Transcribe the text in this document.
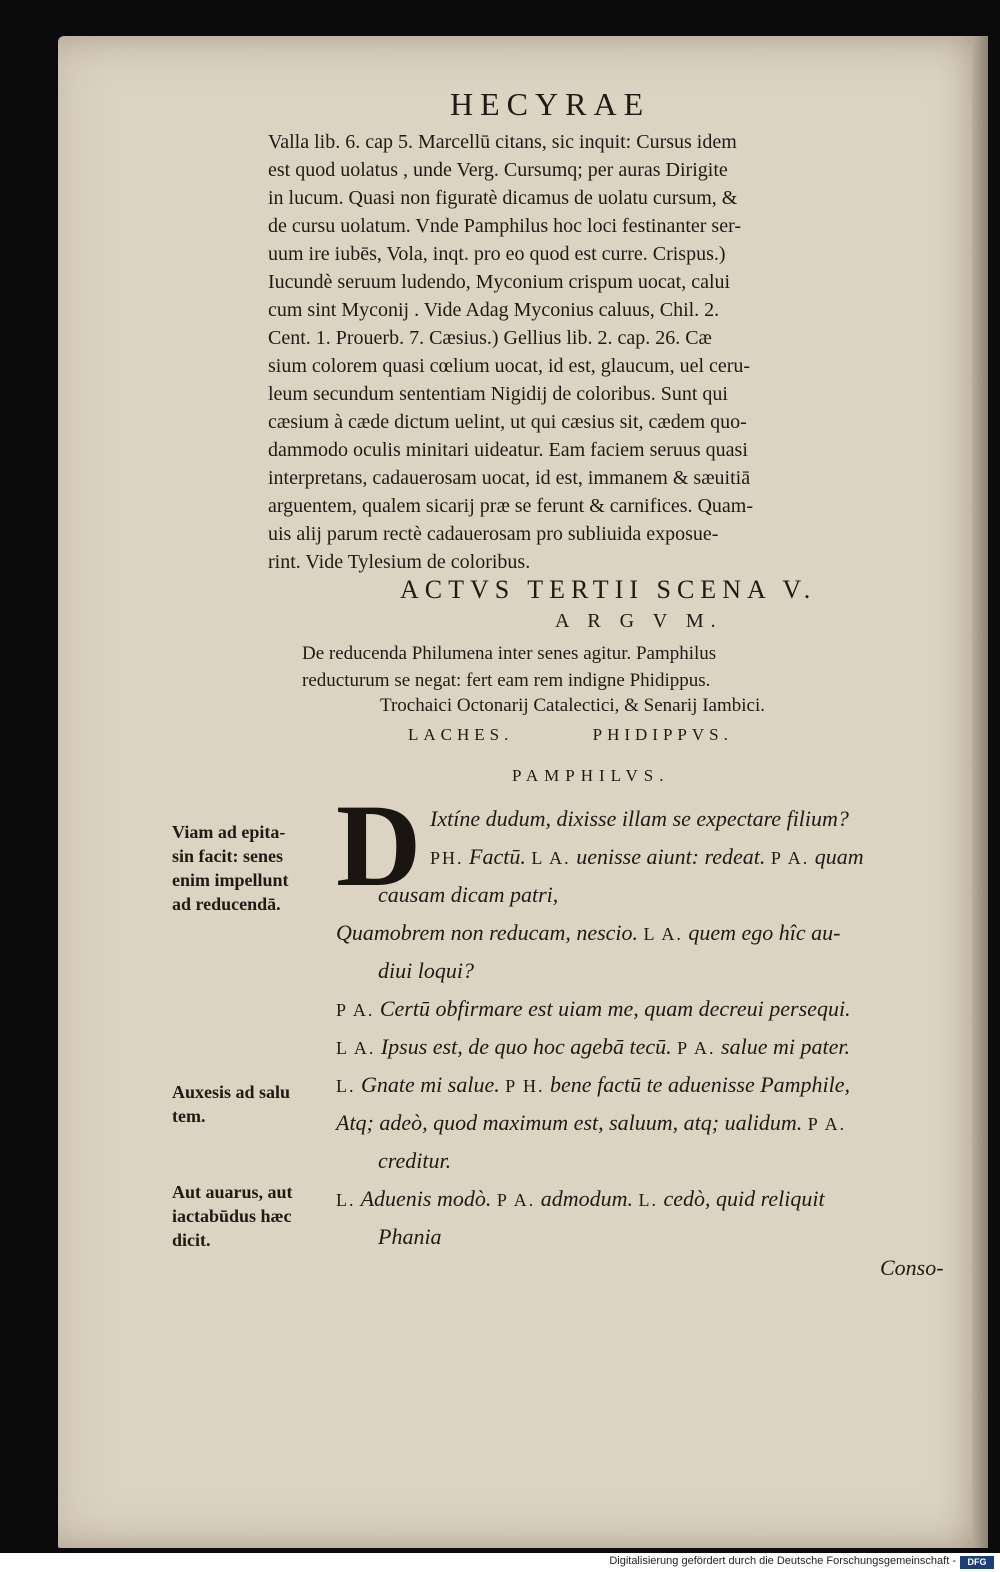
HECYRAE
Valla lib. 6. cap 5. Marcellū citans, sic inquit: Cursus idem
est quod uolatus , unde Verg. Cursumq; per auras Dirigite
in lucum. Quasi non figuratè dicamus de uolatu cursum, &
de cursu uolatum. Vnde Pamphilus hoc loci festinanter ser-
uum ire iubēs, Vola, inqt. pro eo quod est curre. Crispus.)
Iucundè seruum ludendo, Myconium crispum uocat, calui
cum sint Myconij . Vide Adag Myconius caluus, Chil. 2.
Cent. 1. Prouerb. 7. Cæsius.) Gellius lib. 2. cap. 26. Cæ
sium colorem quasi cœlium uocat, id est, glaucum, uel ceru-
leum secundum sententiam Nigidij de coloribus. Sunt qui
cæsium à cæde dictum uelint, ut qui cæsius sit, cædem quo-
dammodo oculis minitari uideatur. Eam faciem seruus quasi
interpretans, cadauerosam uocat, id est, immanem & sæuitiā
arguentem, qualem sicarij præ se ferunt & carnifices. Quam-
uis alij parum rectè cadauerosam pro subliuida exposue-
rint. Vide Tylesium de coloribus.
ACTVS TERTII SCENA V.
A R G V M.
De reducenda Philumena inter senes agitur. Pamphilus
reducturum se negat: fert eam rem indigne Phidippus.
Trochaici Octonarij Catalectici, & Senarij Iambici.
LACHES.	PHIDIPPVS.
PAMPHILVS.
D Ixtíne dudum, dixisse illam se expectare filium?
PH. Factū. L A. uenisse aiunt: redeat. P A. quam
causam dicam patri,
Quamobrem non reducam, nescio. L A. quem ego hîc au-
diui loqui?
P A. Certū obfirmare est uiam me, quam decreui persequi.
L A. Ipsus est, de quo hoc agebā tecū. P A. salue mi pater.
L. Gnate mi salue. P H. bene factū te aduenisse Pamphile,
Atq; adeò, quod maximum est, saluum, atq; ualidum. P A.
creditur.
L. Aduenis modò. P A. admodum. L. cedò, quid reliquit
Phania
Viam ad epita-
sin facit: senes
enim impellunt
ad reducendā.
Auxesis ad salu
tem.
Aut auarus, aut
iactabūdus hæc
dicit.
Conso-
Digitalisierung gefördert durch die Deutsche Forschungsgemeinschaft -	DFG
